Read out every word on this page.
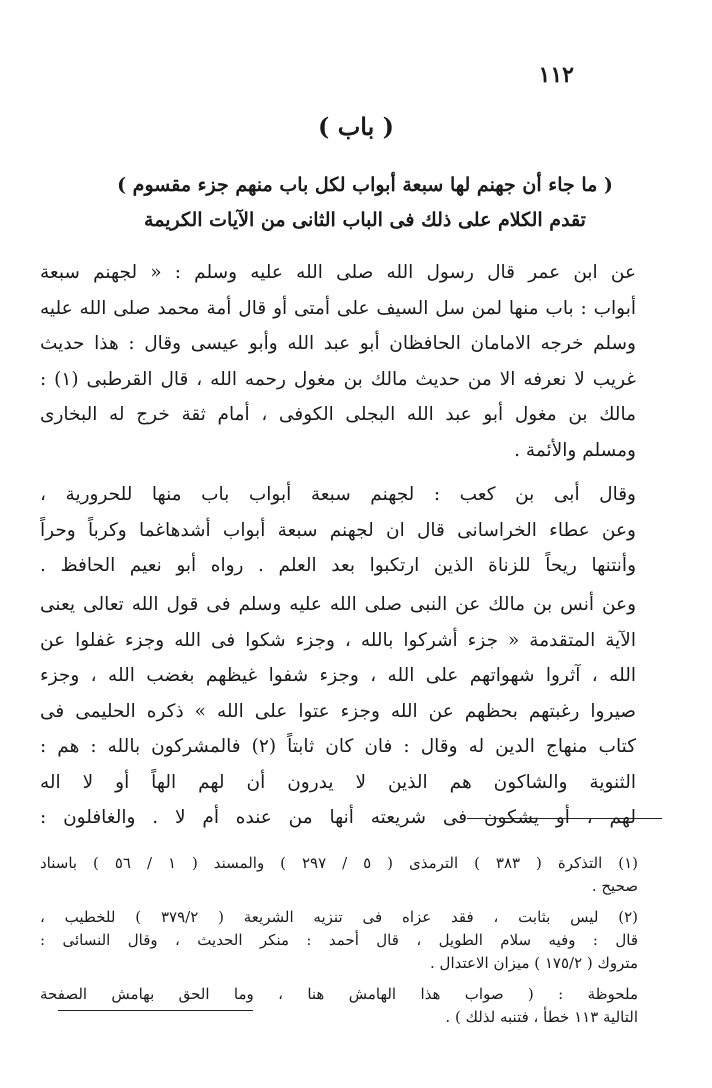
١١٢
( باب )
( ما جاء أن جهنم لها سبعة أبواب لكل باب منهم جزء مقسوم )
تقدم الكلام على ذلك فى الباب الثانى من الآيات الكريمة
عن ابن عمر قال رسول الله صلى الله عليه وسلم : « لجهنم سبعة
أبواب : باب منها لمن سل السيف على أمتى أو قال أمة محمد صلى الله عليه
وسلم خرجه الامامان الحافظان أبو عبد الله وأبو عيسى وقال : هذا حديث
غريب لا نعرفه الا من حديث مالك بن مغول رحمه الله ، قال القرطبى (١) :
مالك بن مغول أبو عبد الله البجلى الكوفى ، أمام ثقة خرج له البخارى
ومسلم والأئمة .
وقال أبى بن كعب : لجهنم سبعة أبواب باب منها للحرورية ،
وعن عطاء الخراسانى قال ان لجهنم سبعة أبواب أشدهاغما وكرباً وحراً
وأنتنها ريحاً للزناة الذين ارتكبوا بعد العلم . رواه أبو نعيم الحافظ .
وعن أنس بن مالك عن النبى صلى الله عليه وسلم فى قول الله تعالى يعنى
الآية المتقدمة « جزء أشركوا بالله ، وجزء شكوا فى الله وجزء غفلوا عن
الله ، آثروا شهواتهم على الله ، وجزء شفوا غيظهم بغضب الله ، وجزء
صيروا رغبتهم بحظهم عن الله وجزء عتوا على الله » ذكره الحليمى فى
كتاب منهاج الدين له وقال : فان كان ثابتاً (٢) فالمشركون بالله : هم :
الثنوية والشاكون هم الذين لا يدرون أن لهم الهاً أو لا اله
لهم ، أو يشكون فى شريعته أنها من عنده أم لا . والغافلون :
(١) التذكرة ( ٣٨٣ ) الترمذى ( ٥ / ٢٩٧ ) والمسند ( ١ / ٥٦ ) باسناد
صحيح .
(٢) ليس بثابت ، فقد عزاه فى تنزيه الشريعة ( ٣٧٩/٢ ) للخطيب ،
قال : وفيه سلام الطويل ، قال أحمد : منكر الحديث ، وقال النسائى :
متروك ( ١٧٥/٢ ) ميزان الاعتدال .
ملحوظة : ( صواب هذا الهامش هنا ، وما الحق بهامش الصفحة
التالية ١١٣ خطأ ، فتنبه لذلك ) .
